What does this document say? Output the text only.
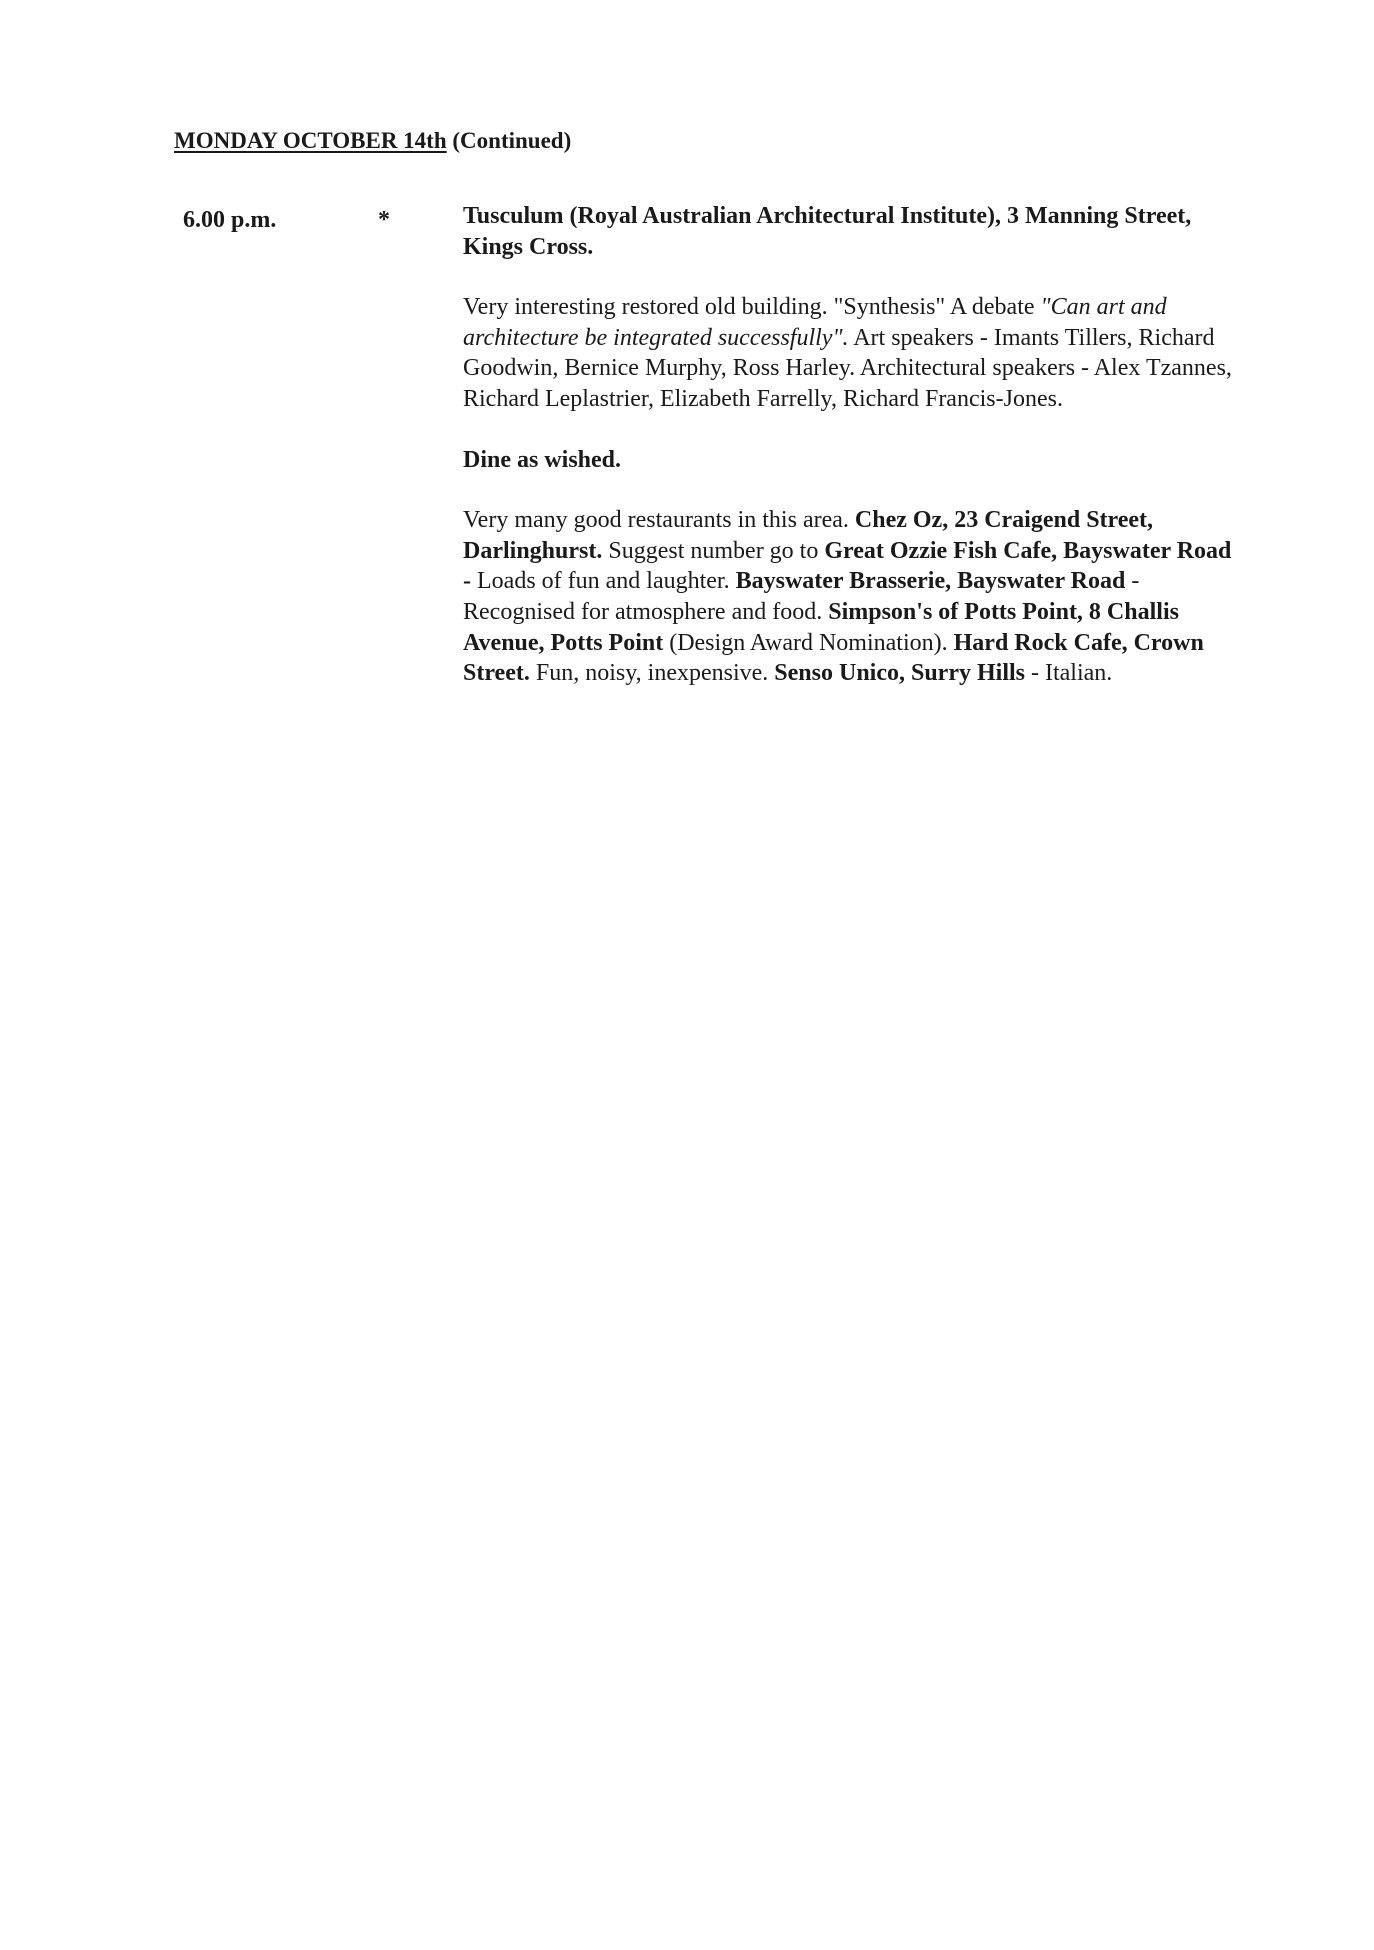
MONDAY OCTOBER 14th (Continued)
6.00 p.m.	*	Tusculum (Royal Australian Architectural Institute), 3 Manning Street, Kings Cross.

Very interesting restored old building. "Synthesis" A debate "Can art and architecture be integrated successfully". Art speakers - Imants Tillers, Richard Goodwin, Bernice Murphy, Ross Harley. Architectural speakers - Alex Tzannes, Richard Leplastrier, Elizabeth Farrelly, Richard Francis-Jones.

Dine as wished.

Very many good restaurants in this area. Chez Oz, 23 Craigend Street, Darlinghurst. Suggest number go to Great Ozzie Fish Cafe, Bayswater Road - Loads of fun and laughter. Bayswater Brasserie, Bayswater Road - Recognised for atmosphere and food. Simpson's of Potts Point, 8 Challis Avenue, Potts Point (Design Award Nomination). Hard Rock Cafe, Crown Street. Fun, noisy, inexpensive. Senso Unico, Surry Hills - Italian.
